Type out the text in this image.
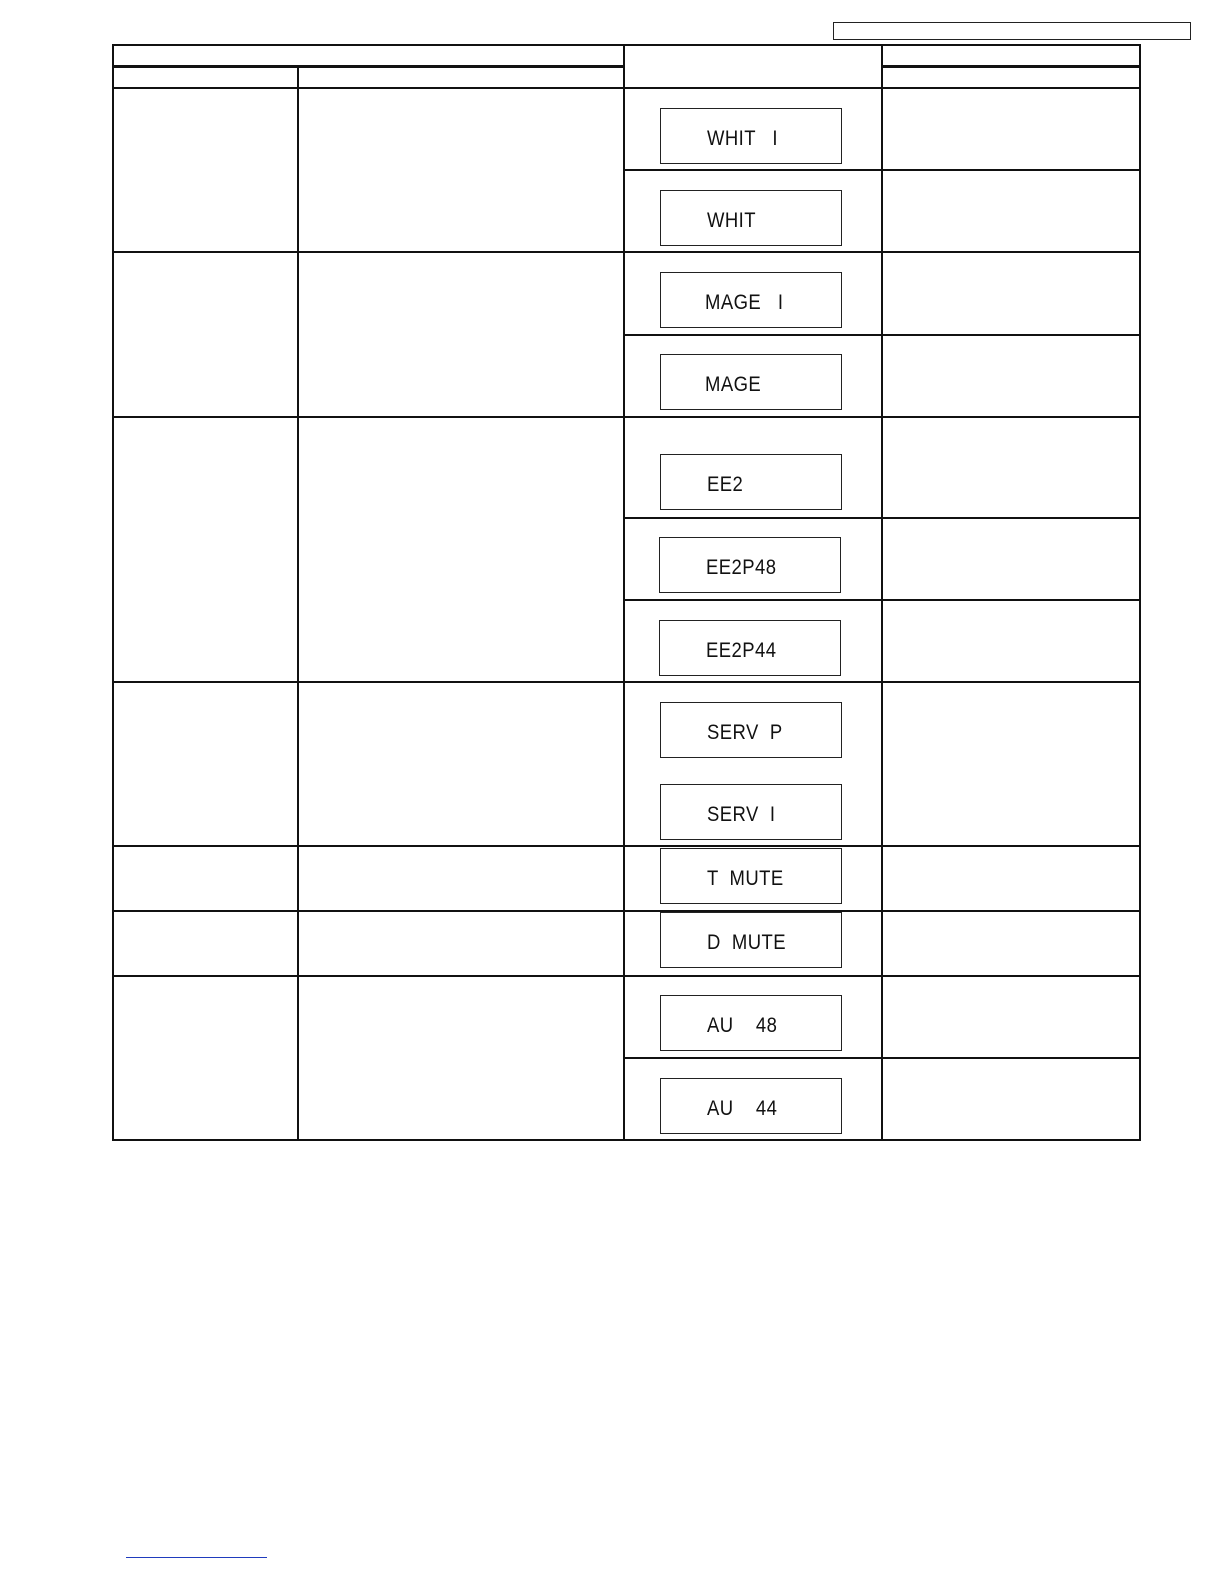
WHIT   I
WHIT
MAGE   I
MAGE
EE2
EE2P48
EE2P44
SERV  P
SERV  I
T  MUTE
D  MUTE
AU    48
AU    44
